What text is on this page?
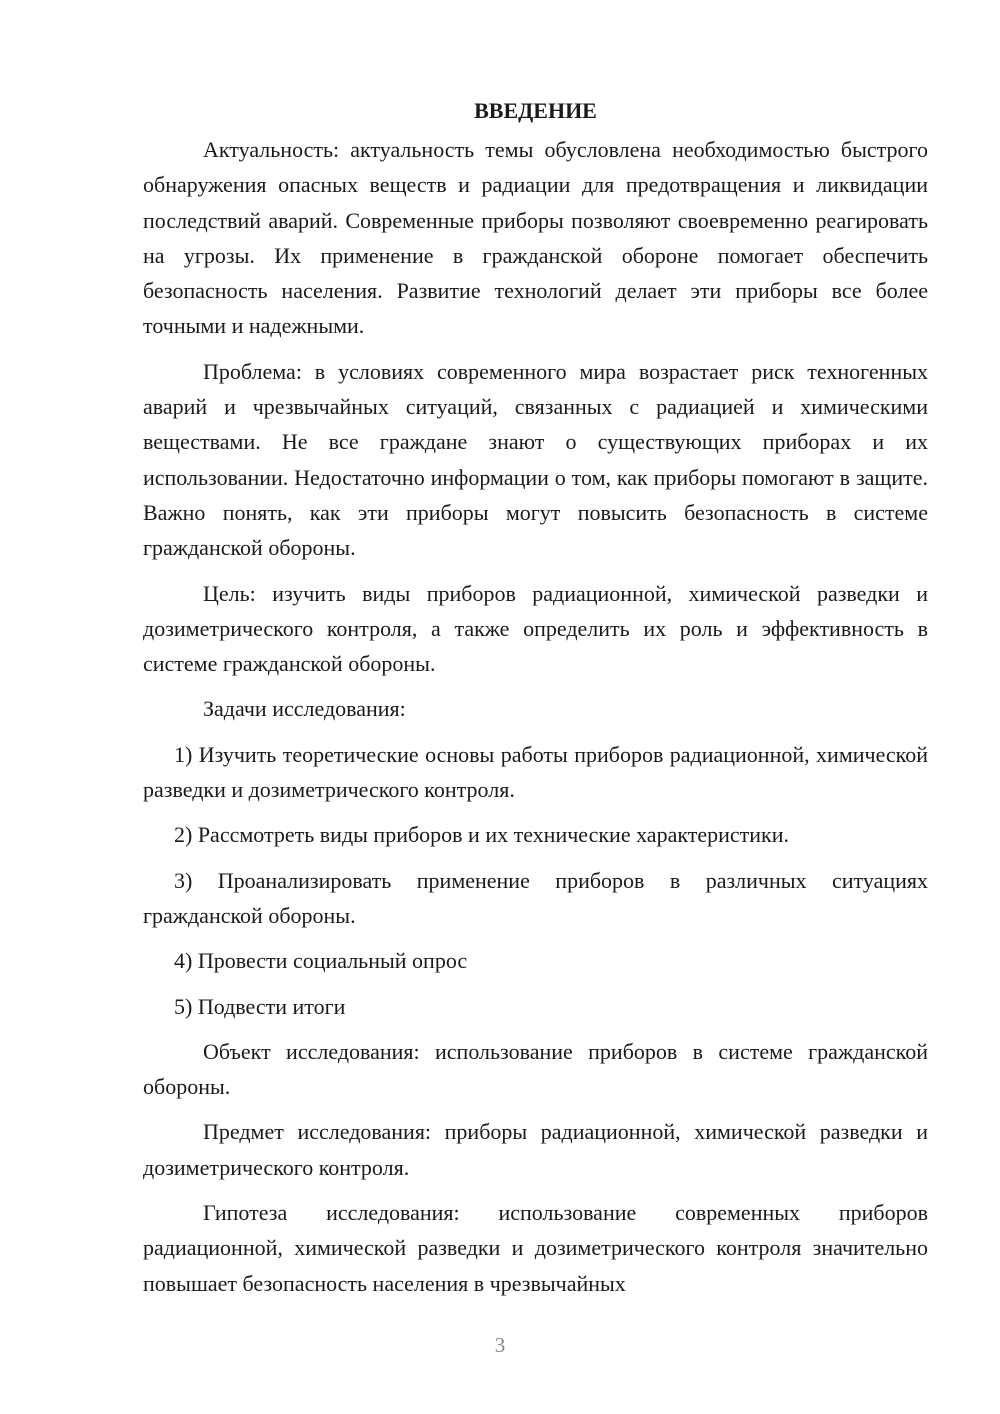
ВВЕДЕНИЕ

Актуальность: актуальность темы обусловлена необходимостью быстрого обнаружения опасных веществ и радиации для предотвращения и ликвидации последствий аварий. Современные приборы позволяют своевременно реагировать на угрозы. Их применение в гражданской обороне помогает обеспечить безопасность населения. Развитие технологий делает эти приборы все более точными и надежными.

Проблема: в условиях современного мира возрастает риск техногенных аварий и чрезвычайных ситуаций, связанных с радиацией и химическими веществами. Не все граждане знают о существующих приборах и их использовании. Недостаточно информации о том, как приборы помогают в защите. Важно понять, как эти приборы могут повысить безопасность в системе гражданской обороны.

Цель: изучить виды приборов радиационной, химической разведки и дозиметрического контроля, а также определить их роль и эффективность в системе гражданской обороны.

Задачи исследования:

1) Изучить теоретические основы работы приборов радиационной, химической разведки и дозиметрического контроля.

2) Рассмотреть виды приборов и их технические характеристики.

3) Проанализировать применение приборов в различных ситуациях гражданской обороны.

4) Провести социальный опрос

5) Подвести итоги

Объект исследования: использование приборов в системе гражданской обороны.

Предмет исследования: приборы радиационной, химической разведки и дозиметрического контроля.

Гипотеза исследования: использование современных приборов радиационной, химической разведки и дозиметрического контроля значительно повышает безопасность населения в чрезвычайных

3
